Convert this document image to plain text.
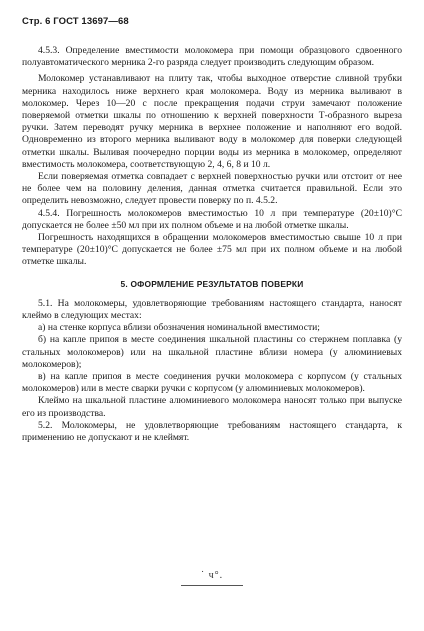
Стр. 6 ГОСТ 13697—68

4.5.3. Определение вместимости молокомера при помощи образцового сдвоенного полуавтоматического мерника 2-го разряда следует производить следующим образом.

Молокомер устанавливают на плиту так, чтобы выходное отверстие сливной трубки мерника находилось ниже верхнего края молокомера. Воду из мерника выливают в молокомер. Через 10—20 с после прекращения подачи струи замечают положение поверяемой отметки шкалы по отношению к верхней поверхности Т-образного выреза ручки. Затем переводят ручку мерника в верхнее положение и наполняют его водой. Одновременно из второго мерника выливают воду в молокомер для поверки следующей отметки шкалы. Выливая поочередно порции воды из мерника в молокомер, определяют вместимость молокомера, соответствующую 2, 4, 6, 8 и 10 л.

Если поверяемая отметка совпадает с верхней поверхностью ручки или отстоит от нее не более чем на половину деления, данная отметка считается правильной. Если это определить невозможно, следует провести поверку по п. 4.5.2.

4.5.4. Погрешность молокомеров вместимостью 10 л при температуре (20±10)°C допускается не более ±50 мл при их полном объеме и на любой отметке шкалы.

Погрешность находящихся в обращении молокомеров вместимостью свыше 10 л при температуре (20±10)°C допускается не более ±75 мл при их полном объеме и на любой отметке шкалы.

5. ОФОРМЛЕНИЕ РЕЗУЛЬТАТОВ ПОВЕРКИ

5.1. На молокомеры, удовлетворяющие требованиям настоящего стандарта, наносят клеймо в следующих местах:

а) на стенке корпуса вблизи обозначения номинальной вместимости;

б) на капле припоя в месте соединения шкальной пластины со стержнем поплавка (у стальных молокомеров) или на шкальной пластине вблизи номера (у алюминиевых молокомеров);

в) на капле припоя в месте соединения ручки молокомера с корпусом (у стальных молокомеров) или в месте сварки ручки с корпусом (у алюминиевых молокомеров).

Клеймо на шкальной пластине алюминиевого молокомера наносят только при выпуске его из производства.

5.2. Молокомеры, не удовлетворяющие требованиям настоящего стандарта, к применению не допускают и не клеймят.

˙ ч°.
